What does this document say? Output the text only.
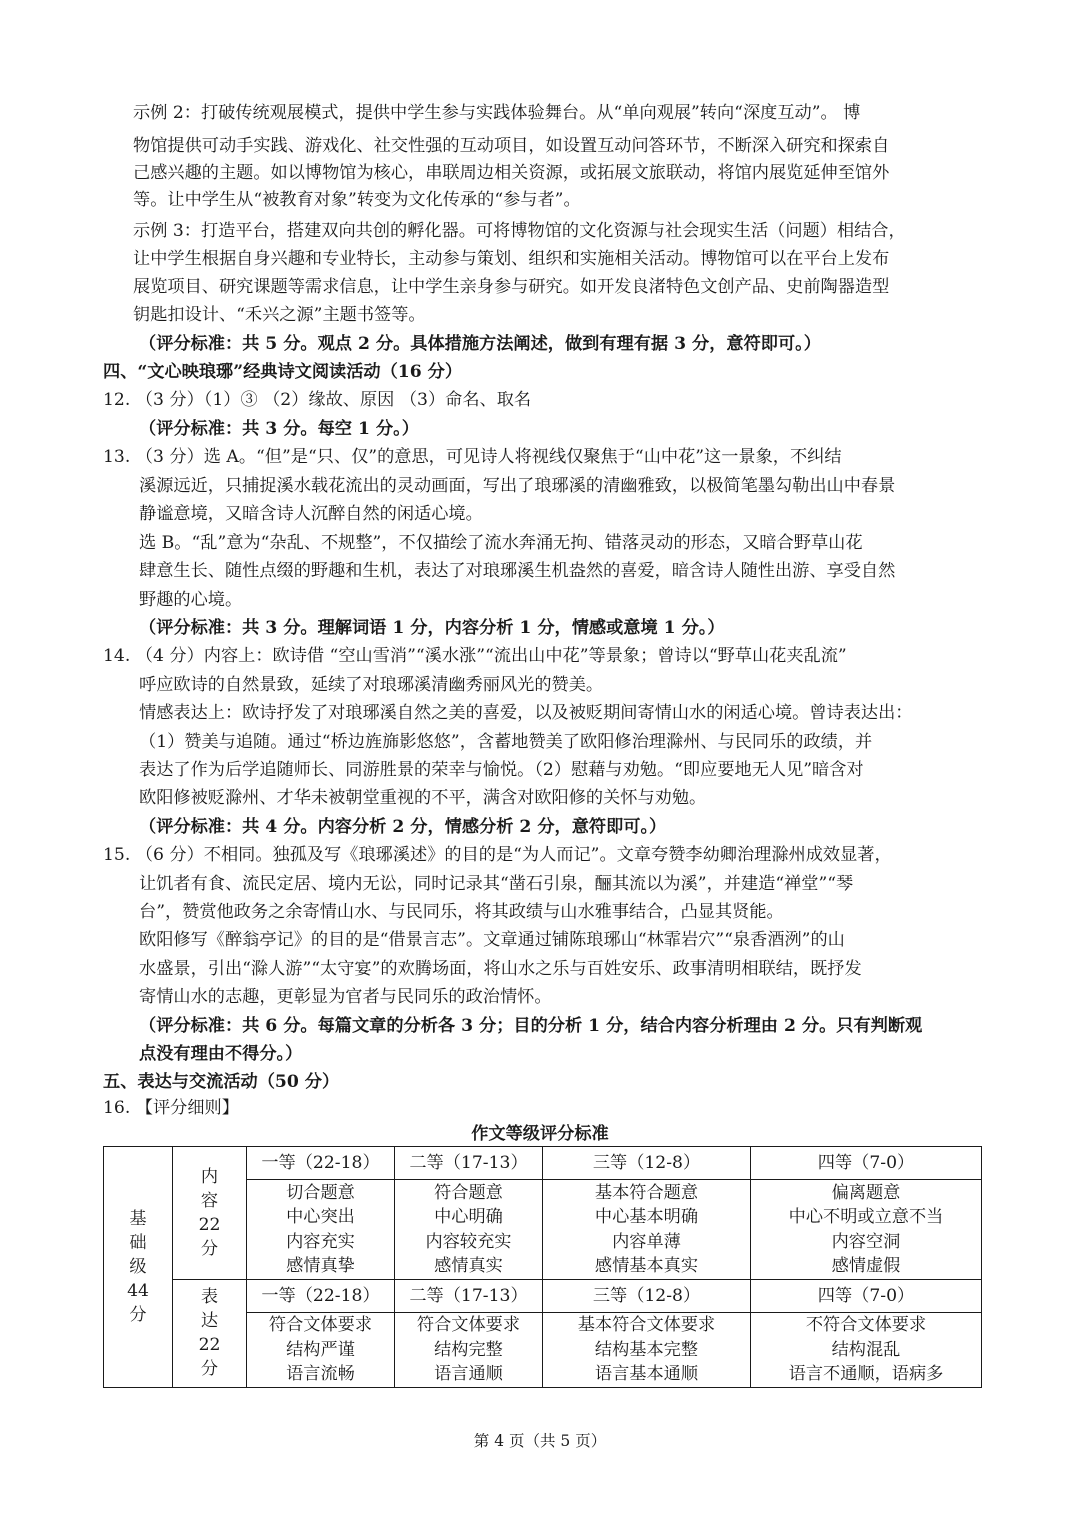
示例 2：打破传统观展模式，提供中学生参与实践体验舞台。从“单向观展”转向“深度互动”。 博

物馆提供可动手实践、游戏化、社交性强的互动项目，如设置互动问答环节，不断深入研究和探索自

己感兴趣的主题。如以博物馆为核心，串联周边相关资源，或拓展文旅联动，将馆内展览延伸至馆外

等。让中学生从“被教育对象”转变为文化传承的“参与者”。

示例 3：打造平台，搭建双向共创的孵化器。可将博物馆的文化资源与社会现实生活（问题）相结合，

让中学生根据自身兴趣和专业特长，主动参与策划、组织和实施相关活动。博物馆可以在平台上发布

展览项目、研究课题等需求信息，让中学生亲身参与研究。如开发良渚特色文创产品、史前陶器造型

钥匙扣设计、“禾兴之源”主题书签等。

（评分标准：共 5 分。观点 2 分。具体措施方法阐述，做到有理有据 3 分，意符即可。）

四、“文心映琅琊”经典诗文阅读活动（16 分）

12. （3 分）（1）③ （2）缘故、原因 （3）命名、取名

（评分标准：共 3 分。每空 1 分。）

13. （3 分）选 A。“但”是“只、仅”的意思，可见诗人将视线仅聚焦于“山中花”这一景象，不纠结

溪源远近，只捕捉溪水载花流出的灵动画面，写出了琅琊溪的清幽雅致，以极简笔墨勾勒出山中春景

静谧意境，又暗含诗人沉醉自然的闲适心境。

选 B。“乱”意为“杂乱、不规整”，不仅描绘了流水奔涌无拘、错落灵动的形态，又暗合野草山花

肆意生长、随性点缀的野趣和生机，表达了对琅琊溪生机盎然的喜爱，暗含诗人随性出游、享受自然

野趣的心境。

（评分标准：共 3 分。理解词语 1 分，内容分析 1 分，情感或意境 1 分。）

14. （4 分）内容上：欧诗借 “空山雪消”“溪水涨”“流出山中花”等景象；曾诗以“野草山花夹乱流”

呼应欧诗的自然景致，延续了对琅琊溪清幽秀丽风光的赞美。

情感表达上：欧诗抒发了对琅琊溪自然之美的喜爱，以及被贬期间寄情山水的闲适心境。曾诗表达出：

（1）赞美与追随。通过“桥边旌旆影悠悠”，含蓄地赞美了欧阳修治理滁州、与民同乐的政绩，并

表达了作为后学追随师长、同游胜景的荣幸与愉悦。（2）慰藉与劝勉。“即应要地无人见”暗含对

欧阳修被贬滁州、才华未被朝堂重视的不平，满含对欧阳修的关怀与劝勉。

（评分标准：共 4 分。内容分析 2 分，情感分析 2 分，意符即可。）

15. （6 分）不相同。独孤及写《琅琊溪述》的目的是“为人而记”。文章夸赞李幼卿治理滁州成效显著，

让饥者有食、流民定居、境内无讼，同时记录其“凿石引泉，酾其流以为溪”，并建造“禅堂”“琴

台”，赞赏他政务之余寄情山水、与民同乐，将其政绩与山水雅事结合，凸显其贤能。

欧阳修写《醉翁亭记》的目的是“借景言志”。文章通过铺陈琅琊山“林霏岩穴”“泉香酒洌”的山

水盛景，引出“滁人游”“太守宴”的欢腾场面，将山水之乐与百姓安乐、政事清明相联结，既抒发

寄情山水的志趣，更彰显为官者与民同乐的政治情怀。

（评分标准：共 6 分。每篇文章的分析各 3 分；目的分析 1 分，结合内容分析理由 2 分。只有判断观

点没有理由不得分。）

五、表达与交流活动（50 分）

16. 【评分细则】

作文等级评分标准
基
础
级
44
分	内
容
22
分	一等（22-18）	二等（17-13）	三等（12-8）	四等（7-0）

		切合题意
中心突出
内容充实
感情真挚	符合题意
中心明确
内容较充实
感情真实	基本符合题意
中心基本明确
内容单薄
感情基本真实	偏离题意
中心不明或立意不当
内容空洞
感情虚假

	表
达
22
分	一等（22-18）	二等（17-13）	三等（12-8）	四等（7-0）

		符合文体要求
结构严谨
语言流畅	符合文体要求
结构完整
语言通顺	基本符合文体要求
结构基本完整
语言基本通顺	不符合文体要求
结构混乱
语言不通顺，语病多
第 4 页（共 5 页）
